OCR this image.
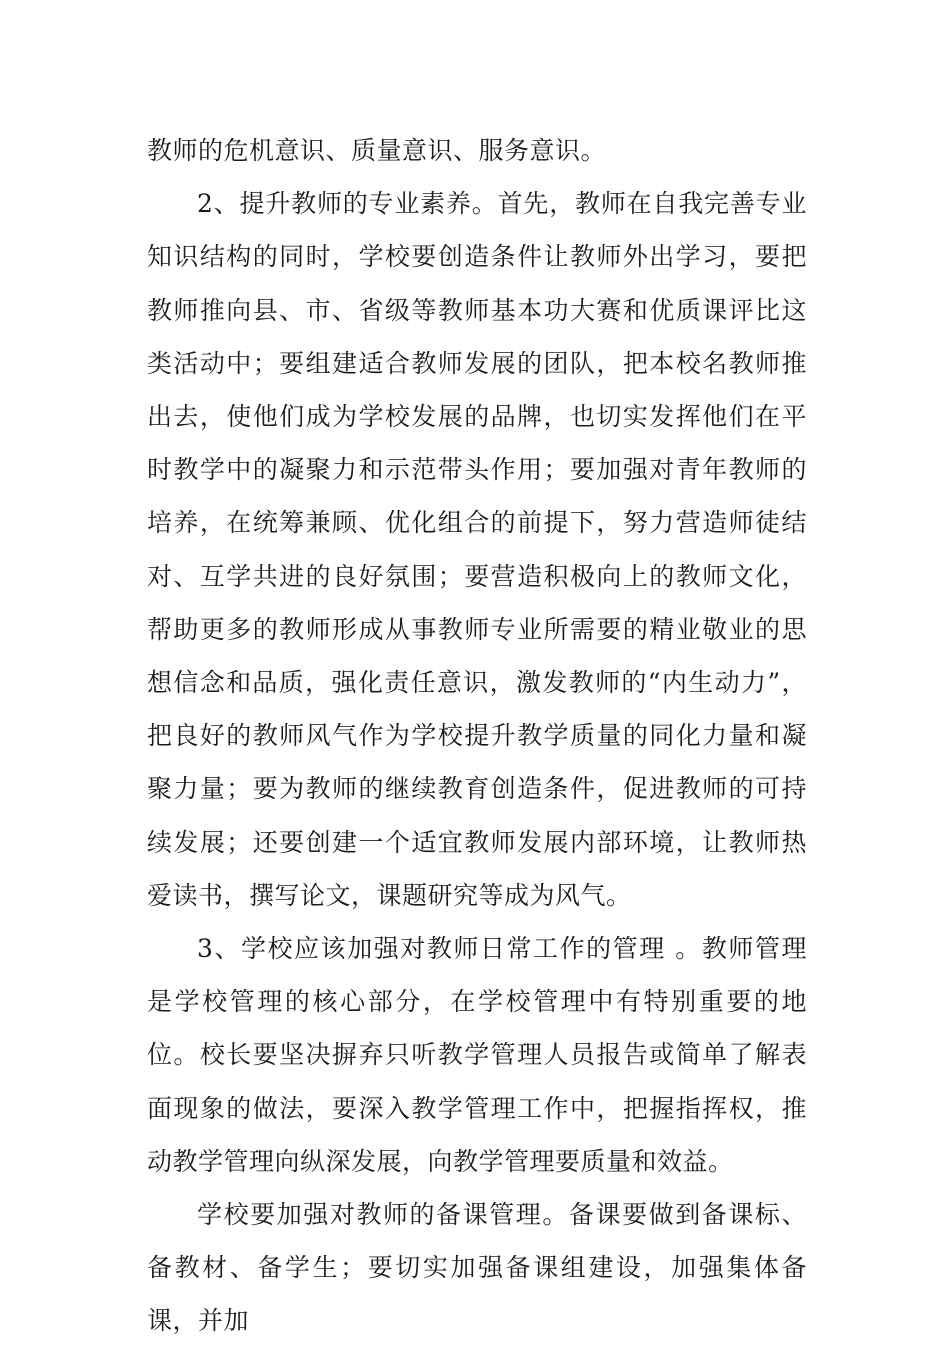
教师的危机意识、质量意识、服务意识。

2、提升教师的专业素养。首先，教师在自我完善专业知识结构的同时，学校要创造条件让教师外出学习，要把教师推向县、市、省级等教师基本功大赛和优质课评比这类活动中；要组建适合教师发展的团队，把本校名教师推出去，使他们成为学校发展的品牌，也切实发挥他们在平时教学中的凝聚力和示范带头作用；要加强对青年教师的培养，在统筹兼顾、优化组合的前提下，努力营造师徒结对、互学共进的良好氛围；要营造积极向上的教师文化，帮助更多的教师形成从事教师专业所需要的精业敬业的思想信念和品质，强化责任意识，激发教师的“内生动力”，把良好的教师风气作为学校提升教学质量的同化力量和凝聚力量；要为教师的继续教育创造条件，促进教师的可持续发展；还要创建一个适宜教师发展内部环境，让教师热爱读书，撰写论文，课题研究等成为风气。

3、学校应该加强对教师日常工作的管理 。教师管理是学校管理的核心部分，在学校管理中有特别重要的地位。校长要坚决摒弃只听教学管理人员报告或简单了解表面现象的做法，要深入教学管理工作中，把握指挥权，推动教学管理向纵深发展，向教学管理要质量和效益。

学校要加强对教师的备课管理。备课要做到备课标、备教材、备学生；要切实加强备课组建设，加强集体备课，并加
